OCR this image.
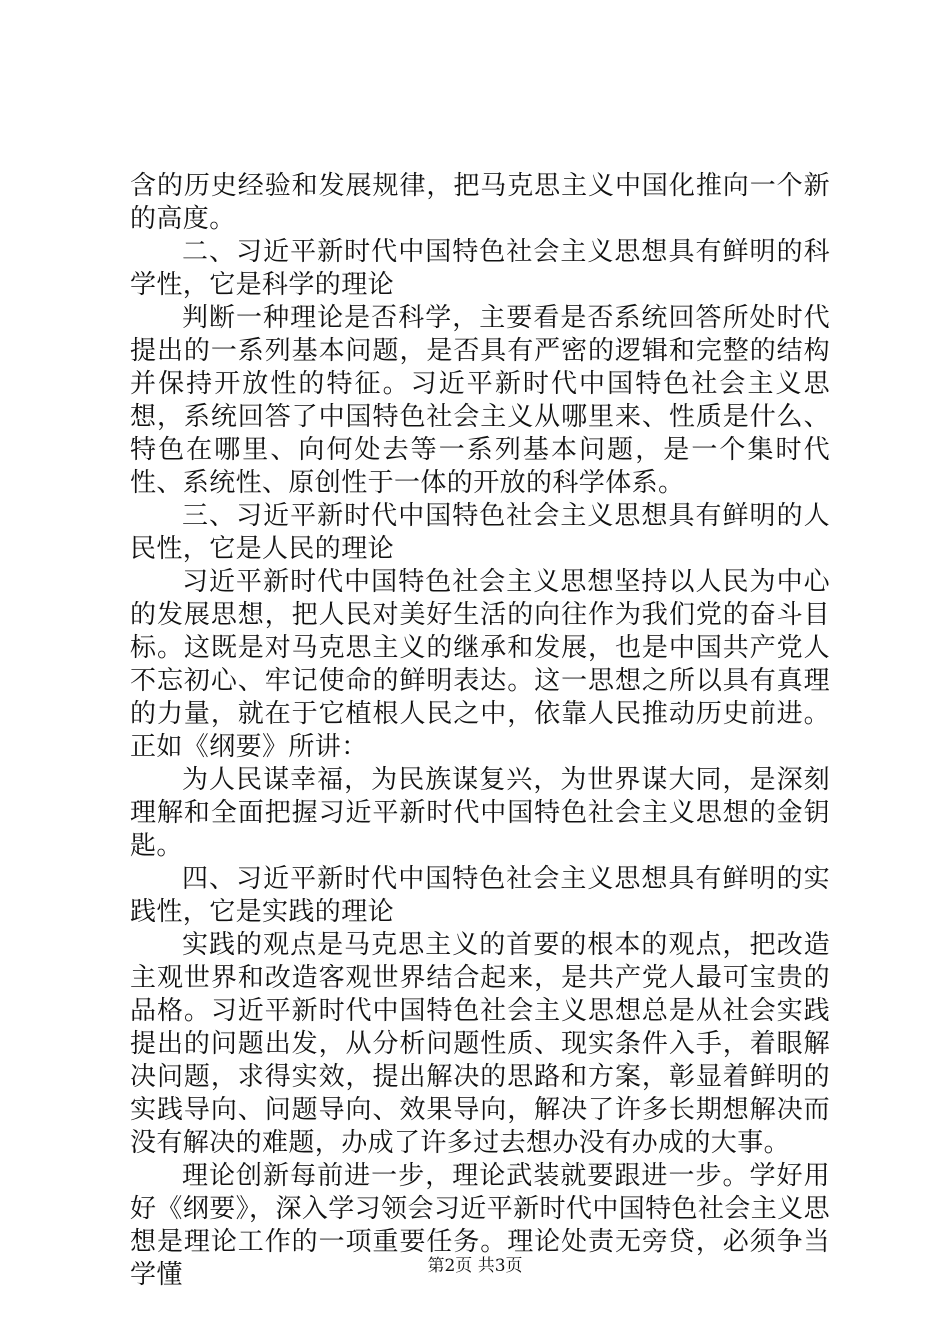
含的历史经验和发展规律，把马克思主义中国化推向一个新的高度。

二、习近平新时代中国特色社会主义思想具有鲜明的科学性，它是科学的理论

判断一种理论是否科学，主要看是否系统回答所处时代提出的一系列基本问题，是否具有严密的逻辑和完整的结构并保持开放性的特征。习近平新时代中国特色社会主义思想，系统回答了中国特色社会主义从哪里来、性质是什么、特色在哪里、向何处去等一系列基本问题，是一个集时代性、系统性、原创性于一体的开放的科学体系。

三、习近平新时代中国特色社会主义思想具有鲜明的人民性，它是人民的理论

习近平新时代中国特色社会主义思想坚持以人民为中心的发展思想，把人民对美好生活的向往作为我们党的奋斗目标。这既是对马克思主义的继承和发展，也是中国共产党人不忘初心、牢记使命的鲜明表达。这一思想之所以具有真理的力量，就在于它植根人民之中，依靠人民推动历史前进。正如《纲要》所讲：

为人民谋幸福，为民族谋复兴，为世界谋大同，是深刻理解和全面把握习近平新时代中国特色社会主义思想的金钥匙。

四、习近平新时代中国特色社会主义思想具有鲜明的实践性，它是实践的理论

实践的观点是马克思主义的首要的根本的观点，把改造主观世界和改造客观世界结合起来，是共产党人最可宝贵的品格。习近平新时代中国特色社会主义思想总是从社会实践提出的问题出发，从分析问题性质、现实条件入手，着眼解决问题，求得实效，提出解决的思路和方案，彰显着鲜明的实践导向、问题导向、效果导向，解决了许多长期想解决而没有解决的难题，办成了许多过去想办没有办成的大事。

理论创新每前进一步，理论武装就要跟进一步。学好用好《纲要》，深入学习领会习近平新时代中国特色社会主义思想是理论工作的一项重要任务。理论处责无旁贷，必须争当学懂	第2页 共3页
